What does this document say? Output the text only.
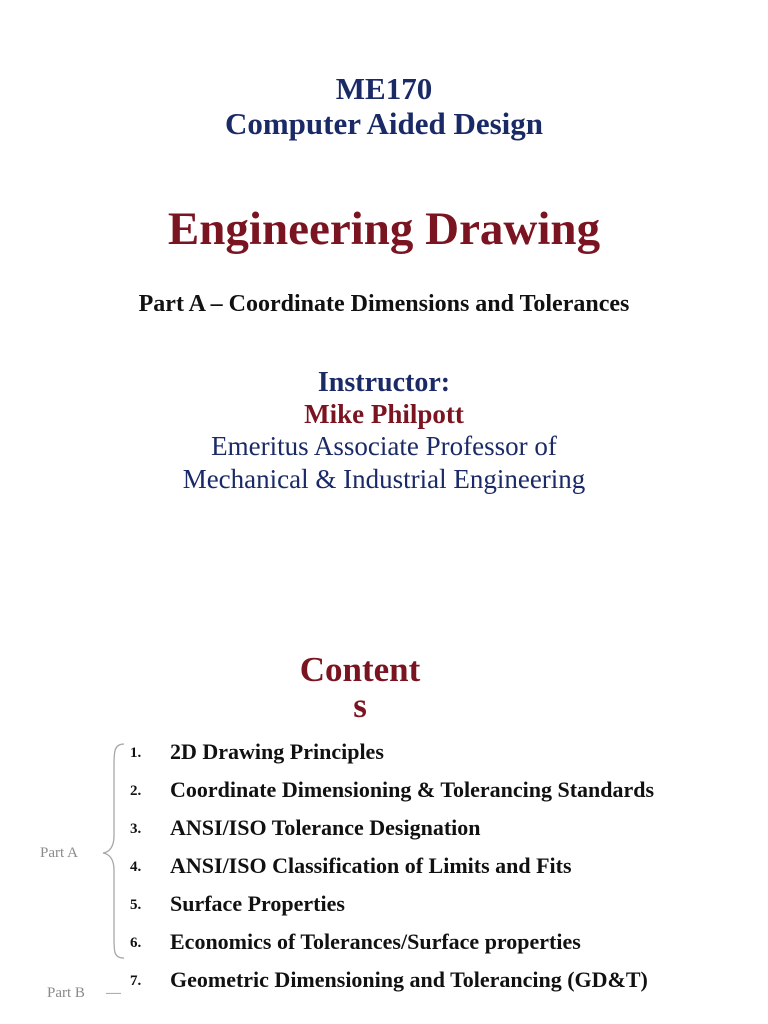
ME170
Computer Aided Design
Engineering Drawing
Part A – Coordinate Dimensions and Tolerances
Instructor:
Mike Philpott
Emeritus Associate Professor of
Mechanical & Industrial Engineering
Content
s
Part A
Part B —
1.	2D Drawing Principles
2.	Coordinate Dimensioning & Tolerancing Standards
3.	ANSI/ISO Tolerance Designation
4.	ANSI/ISO Classification of Limits and Fits
5.	Surface Properties
6.	Economics of Tolerances/Surface properties
7.	Geometric Dimensioning and Tolerancing (GD&T)
